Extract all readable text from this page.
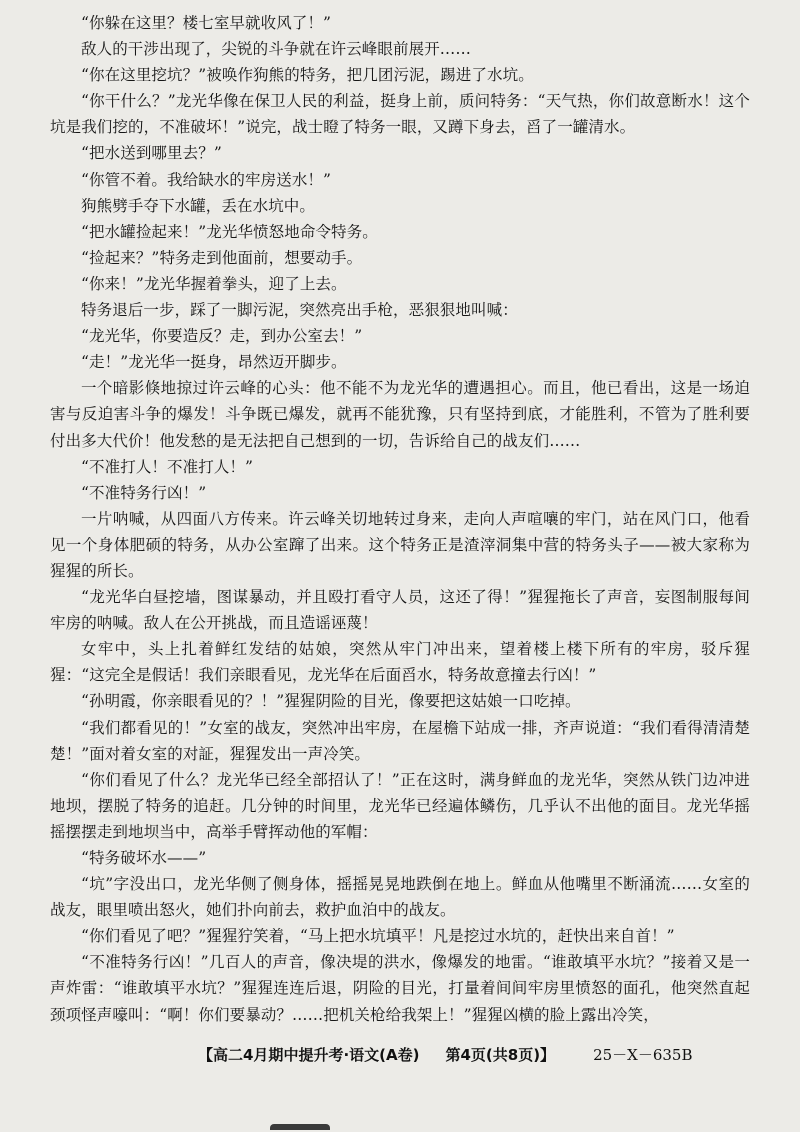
“你躲在这里？楼七室早就收风了！”

敌人的干涉出现了，尖锐的斗争就在许云峰眼前展开……

“你在这里挖坑？”被唤作狗熊的特务，把几团污泥，踢进了水坑。

“你干什么？”龙光华像在保卫人民的利益，挺身上前，质问特务：“天气热，你们故意断水！这个坑是我们挖的，不准破坏！”说完，战士瞪了特务一眼，又蹲下身去，舀了一罐清水。

“把水送到哪里去？”

“你管不着。我给缺水的牢房送水！”

狗熊劈手夺下水罐，丢在水坑中。

“把水罐捡起来！”龙光华愤怒地命令特务。

“捡起来？”特务走到他面前，想要动手。

“你来！”龙光华握着拳头，迎了上去。

特务退后一步，踩了一脚污泥，突然亮出手枪，恶狠狠地叫喊：

“龙光华，你要造反？走，到办公室去！”

“走！”龙光华一挺身，昂然迈开脚步。

一个暗影倏地掠过许云峰的心头：他不能不为龙光华的遭遇担心。而且，他已看出，这是一场迫害与反迫害斗争的爆发！斗争既已爆发，就再不能犹豫，只有坚持到底，才能胜利，不管为了胜利要付出多大代价！他发愁的是无法把自己想到的一切，告诉给自己的战友们……

“不准打人！不准打人！”

“不准特务行凶！”

一片呐喊，从四面八方传来。许云峰关切地转过身来，走向人声喧嚷的牢门，站在风门口，他看见一个身体肥硕的特务，从办公室蹿了出来。这个特务正是渣滓洞集中营的特务头子——被大家称为猩猩的所长。

“龙光华白昼挖墙，图谋暴动，并且殴打看守人员，这还了得！”猩猩拖长了声音，妄图制服每间牢房的呐喊。敌人在公开挑战，而且造谣诬蔑！

女牢中，头上扎着鲜红发结的姑娘，突然从牢门冲出来，望着楼上楼下所有的牢房，驳斥猩猩：“这完全是假话！我们亲眼看见，龙光华在后面舀水，特务故意撞去行凶！”

“孙明霞，你亲眼看见的？！”猩猩阴险的目光，像要把这姑娘一口吃掉。

“我们都看见的！”女室的战友，突然冲出牢房，在屋檐下站成一排，齐声说道：“我们看得清清楚楚！”面对着女室的对証，猩猩发出一声冷笑。

“你们看见了什么？龙光华已经全部招认了！”正在这时，满身鲜血的龙光华，突然从铁门边冲进地坝，摆脱了特务的追赶。几分钟的时间里，龙光华已经遍体鳞伤，几乎认不出他的面目。龙光华摇摇摆摆走到地坝当中，高举手臂挥动他的军帽：

“特务破坏水——”

“坑”字没出口，龙光华侧了侧身体，摇摇晃晃地跌倒在地上。鲜血从他嘴里不断涌流……女室的战友，眼里喷出怒火，她们扑向前去，救护血泊中的战友。

“你们看见了吧？”猩猩狞笑着，“马上把水坑填平！凡是挖过水坑的，赶快出来自首！”

“不准特务行凶！”几百人的声音，像决堤的洪水，像爆发的地雷。“谁敢填平水坑？”接着又是一声炸雷：“谁敢填平水坑？”猩猩连连后退，阴险的目光，打量着间间牢房里愤怒的面孔，他突然直起颈项怪声嚎叫：“啊！你们要暴动？……把机关枪给我架上！”猩猩凶横的脸上露出冷笑，

【高二4月期中提升考·语文(A卷) 第4页(共8页)】	25－X－635B
